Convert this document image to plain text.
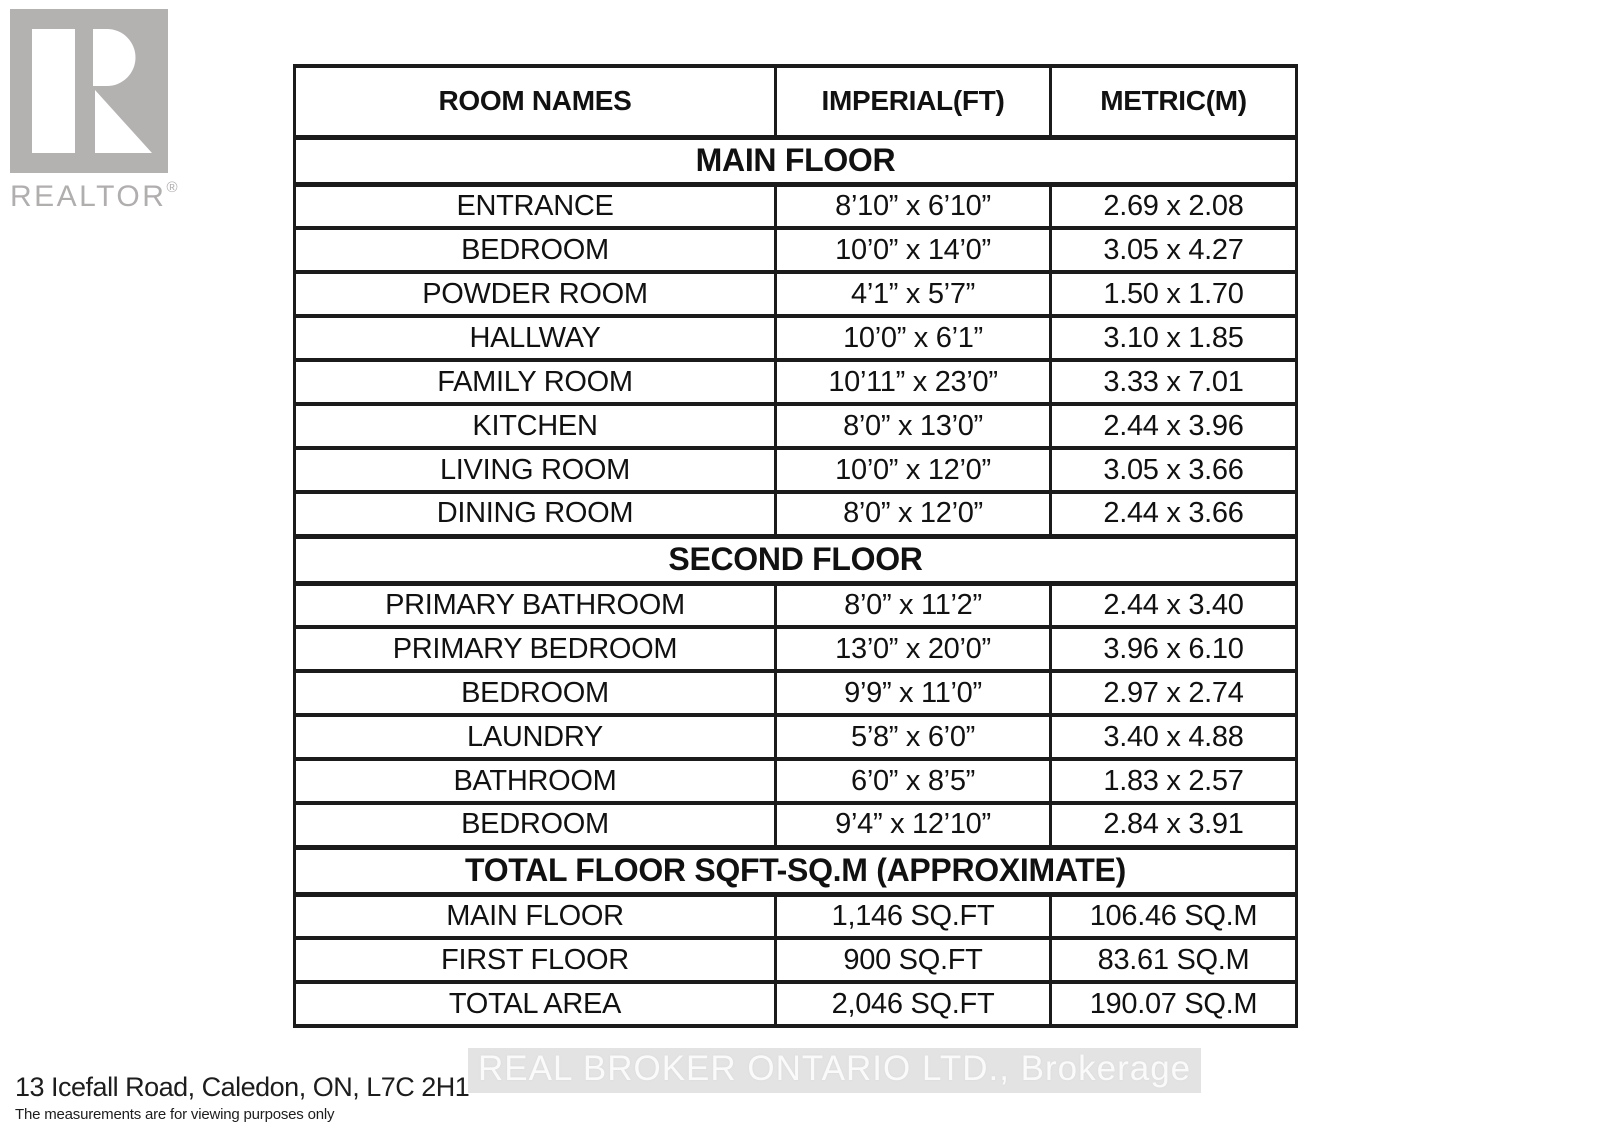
REALTOR®
ROOM NAMES	IMPERIAL(FT)	METRIC(M)
MAIN FLOOR		
ENTRANCE	8’10” x 6’10”	2.69 x 2.08
BEDROOM	10’0” x 14’0”	3.05 x 4.27
POWDER ROOM	4’1” x 5’7”	1.50 x 1.70
HALLWAY	10’0” x 6’1”	3.10 x 1.85
FAMILY ROOM	10’11” x 23’0”	3.33 x 7.01
KITCHEN	8’0” x 13’0”	2.44 x 3.96
LIVING ROOM	10’0” x 12’0”	3.05 x 3.66
DINING ROOM	8’0” x 12’0”	2.44 x 3.66
SECOND FLOOR		
PRIMARY BATHROOM	8’0” x 11’2”	2.44 x 3.40
PRIMARY BEDROOM	13’0” x 20’0”	3.96 x 6.10
BEDROOM	9’9” x 11’0”	2.97 x 2.74
LAUNDRY	5’8” x 6’0”	3.40 x 4.88
BATHROOM	6’0” x 8’5”	1.83 x 2.57
BEDROOM	9’4” x 12’10”	2.84 x 3.91
TOTAL FLOOR SQFT-SQ.M (APPROXIMATE)		
MAIN FLOOR	1,146 SQ.FT	106.46 SQ.M
FIRST FLOOR	900 SQ.FT	83.61 SQ.M
TOTAL AREA	2,046 SQ.FT	190.07 SQ.M
REAL BROKER ONTARIO LTD., Brokerage
13 Icefall Road, Caledon, ON, L7C 2H1
The measurements are for viewing purposes only
